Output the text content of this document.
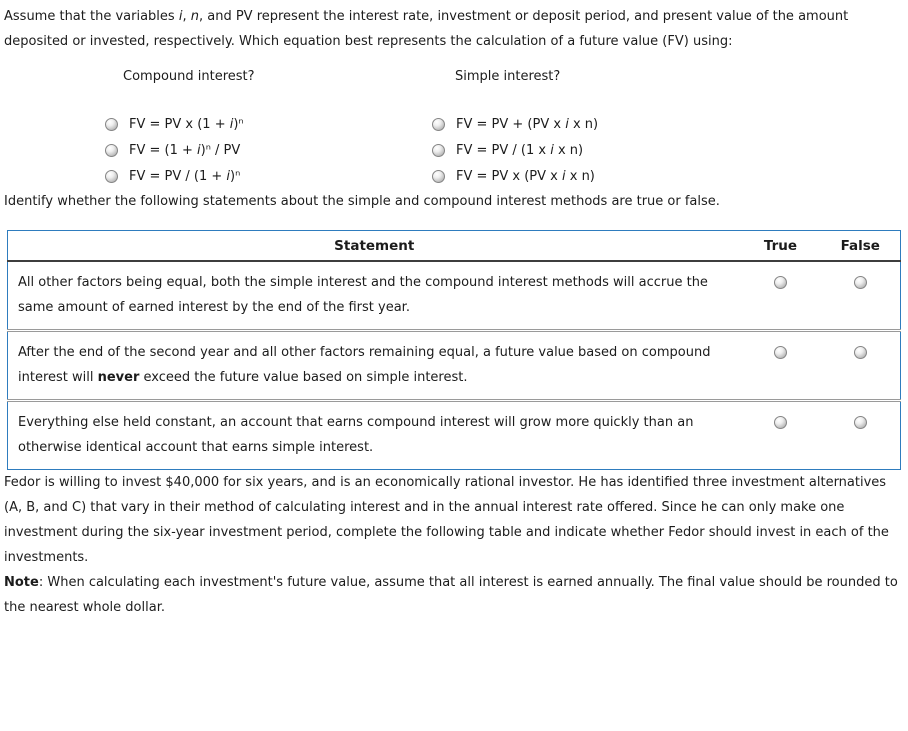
Assume that the variables i, n, and PV represent the interest rate, investment or deposit period, and present value of the amount deposited or invested, respectively. Which equation best represents the calculation of a future value (FV) using:

Compound interest?

FV = PV x (1 + i)ⁿ
FV = (1 + i)ⁿ / PV
FV = PV / (1 + i)ⁿ

Simple interest?

FV = PV + (PV x i x n)
FV = PV / (1 x i x n)
FV = PV x (PV x i x n)

Identify whether the following statements about the simple and compound interest methods are true or false.

Statement	True	False
All other factors being equal, both the simple interest and the compound interest methods will accrue the same amount of earned interest by the end of the first year.		
After the end of the second year and all other factors remaining equal, a future value based on compound interest will never exceed the future value based on simple interest.		
Everything else held constant, an account that earns compound interest will grow more quickly than an otherwise identical account that earns simple interest.		

Fedor is willing to invest $40,000 for six years, and is an economically rational investor. He has identified three investment alternatives (A, B, and C) that vary in their method of calculating interest and in the annual interest rate offered. Since he can only make one investment during the six-year investment period, complete the following table and indicate whether Fedor should invest in each of the investments.

Note: When calculating each investment's future value, assume that all interest is earned annually. The final value should be rounded to the nearest whole dollar.
